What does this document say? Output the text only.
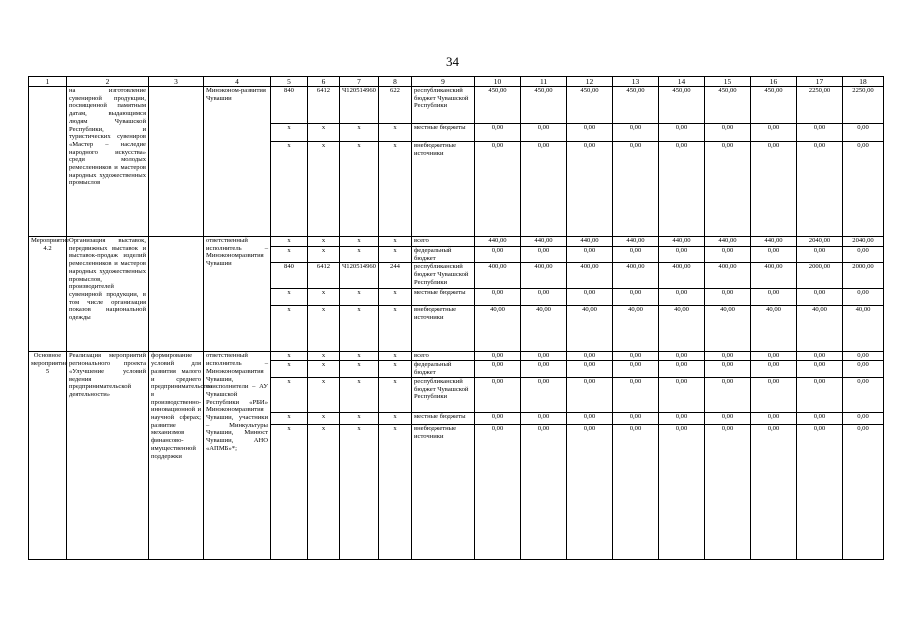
34
1	2	3	4	5	6	7	8	9	10	11	12	13	14	15	16	17	18
	на изготовление сувенирной продукции, посвященной памятным датам, выдающимся людям Чувашской Республики, и туристических сувениров «Мастер – наследие народного искусства» среди молодых ремесленников и мастеров народных художественных промыслов		Минэконом-развития Чувашии	840	6412	Ч120514960	622	республиканский бюджет Чувашской Республики	450,00	450,00	450,00	450,00	450,00	450,00	450,00	2250,00	2250,00
				x	x	x	x	местные бюджеты	0,00	0,00	0,00	0,00	0,00	0,00	0,00	0,00	0,00
				x	x	x	x	внебюджетные источники	0,00	0,00	0,00	0,00	0,00	0,00	0,00	0,00	0,00
Мероприятие 4.2	Организация выставок, передвижных выставок и выставок-продаж изделий ремесленников и мастеров народных художественных промыслов, производителей сувенирной продукции, в том числе организация показов национальной одежды		ответственный исполнитель – Минэкономразвития Чувашии	x	x	x	x	всего	440,00	440,00	440,00	440,00	440,00	440,00	440,00	2040,00	2040,00
				x	x	x	x	федеральный бюджет	0,00	0,00	0,00	0,00	0,00	0,00	0,00	0,00	0,00
				840	6412	Ч120514960	244	республиканский бюджет Чувашской Республики	400,00	400,00	400,00	400,00	400,00	400,00	400,00	2000,00	2000,00
				x	x	x	x	местные бюджеты	0,00	0,00	0,00	0,00	0,00	0,00	0,00	0,00	0,00
				x	x	x	x	внебюджетные источники	40,00	40,00	40,00	40,00	40,00	40,00	40,00	40,00	40,00
Основное мероприятие 5	Реализация мероприятий регионального проекта «Улучшение условий ведения предпринимательской деятельности»	формирование условий для развития малого и среднего предпринимательства в производственно-инновационной и научной сферах; развитие механизмов финансово-имущественной поддержки	ответственный исполнитель – Минэкономразвития Чувашии, соисполнители – АУ Чувашской Республики «РБИ» Минэкономразвития Чувашии, участники – Минкультуры Чувашии, Минюст Чувашии, АНО «АПМБ»*;	x	x	x	x	всего	0,00	0,00	0,00	0,00	0,00	0,00	0,00	0,00	0,00
				x	x	x	x	федеральный бюджет	0,00	0,00	0,00	0,00	0,00	0,00	0,00	0,00	0,00
				x	x	x	x	республиканский бюджет Чувашской Республики	0,00	0,00	0,00	0,00	0,00	0,00	0,00	0,00	0,00
				x	x	x	x	местные бюджеты	0,00	0,00	0,00	0,00	0,00	0,00	0,00	0,00	0,00
				x	x	x	x	внебюджетные источники	0,00	0,00	0,00	0,00	0,00	0,00	0,00	0,00	0,00
